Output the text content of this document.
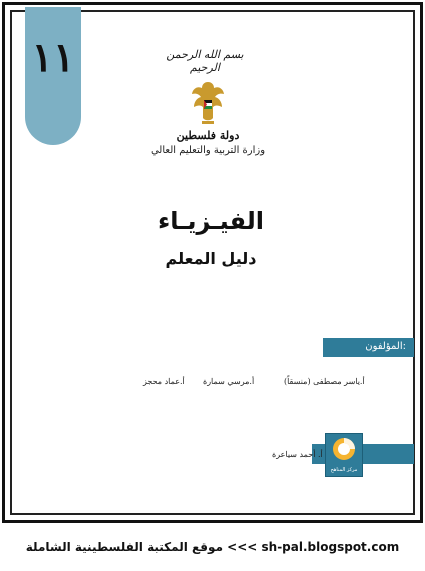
١١	بسم الله الرحمن الرحيم
دولة فلسطين
وزارة التربية والتعليم العالي
الفيـزيـاء
دليل المعلم
المؤلفون:
أ.ياسر مصطفى (منسقاً)
أ.مرسي سمارة
أ.عماد محجز
أ. أحمد سياعرة
مركز المناهج
موقع المكتبة الفلسطينية الشاملة <<< sh-pal.blogspot.com
